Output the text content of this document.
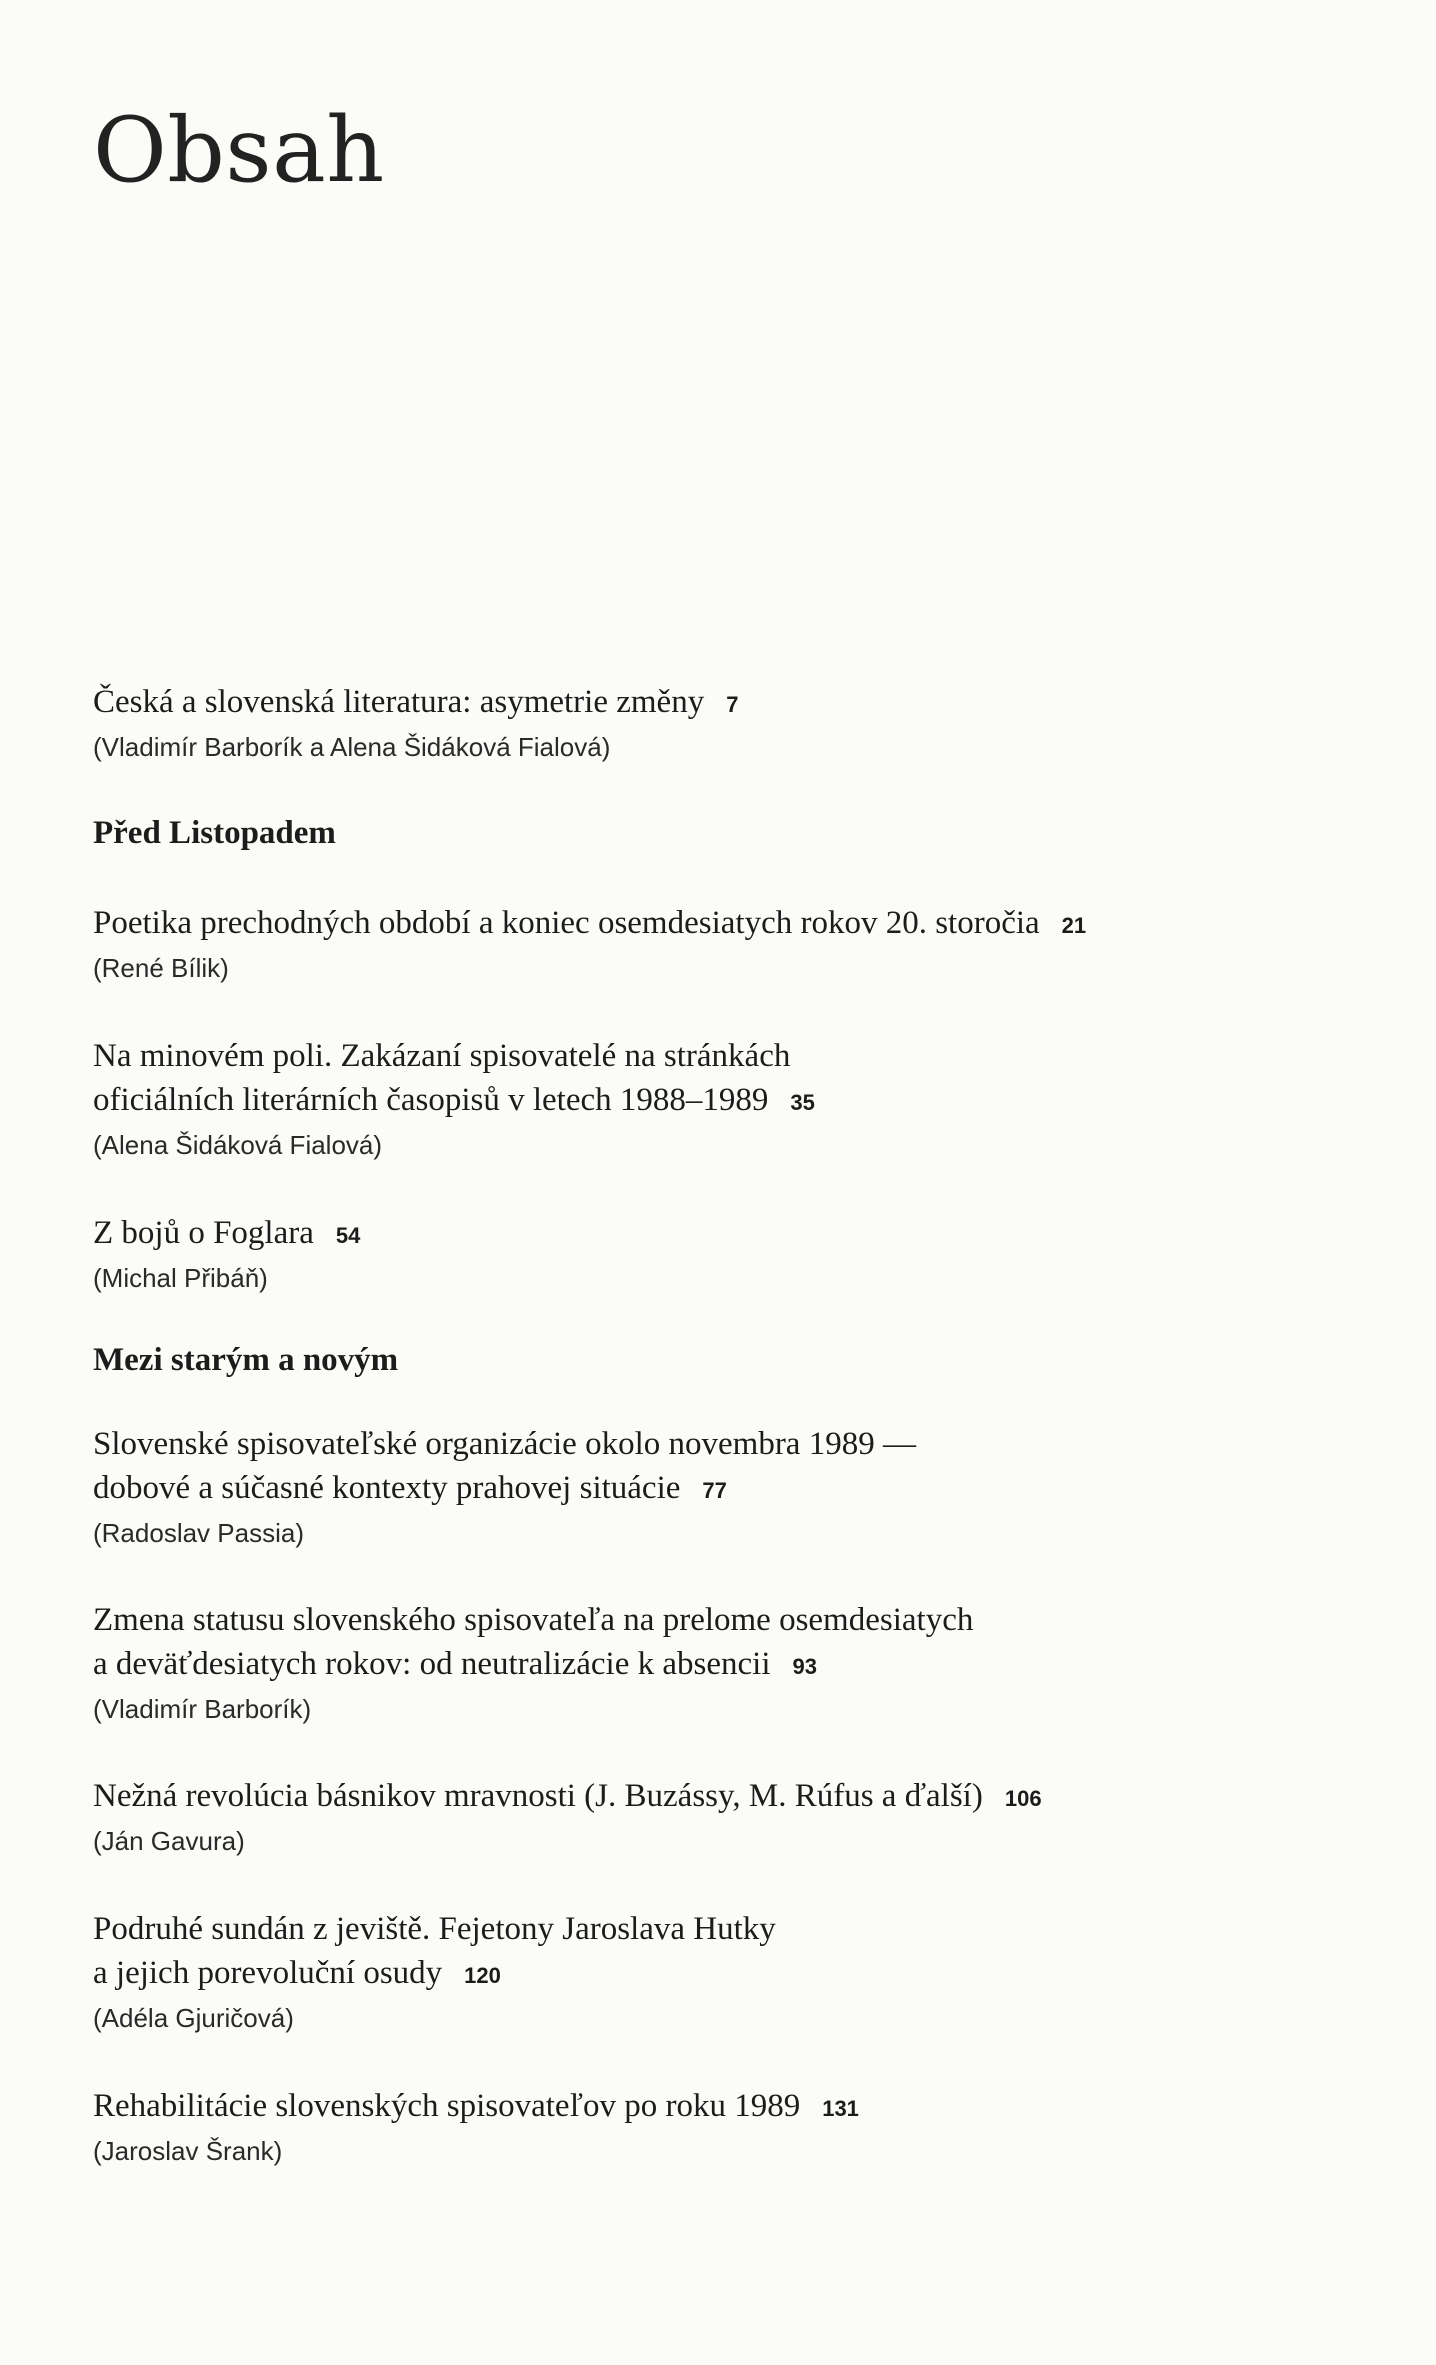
Obsah
Česká a slovenská literatura: asymetrie změny 7
(Vladimír Barborík a Alena Šidáková Fialová)
Před Listopadem
Poetika prechodných období a koniec osemdesiatych rokov 20. storočia 21
(René Bílik)
Na minovém poli. Zakázaní spisovatelé na stránkách
oficiálních literárních časopisů v letech 1988–1989 35
(Alena Šidáková Fialová)
Z bojů o Foglara 54
(Michal Přibáň)
Mezi starým a novým
Slovenské spisovateľské organizácie okolo novembra 1989 —
dobové a súčasné kontexty prahovej situácie 77
(Radoslav Passia)
Zmena statusu slovenského spisovateľa na prelome osemdesiatych
a deväťdesiatych rokov: od neutralizácie k absencii 93
(Vladimír Barborík)
Nežná revolúcia básnikov mravnosti (J. Buzássy, M. Rúfus a ďalší) 106
(Ján Gavura)
Podruhé sundán z jeviště. Fejetony Jaroslava Hutky
a jejich porevoluční osudy 120
(Adéla Gjuričová)
Rehabilitácie slovenských spisovateľov po roku 1989 131
(Jaroslav Šrank)
